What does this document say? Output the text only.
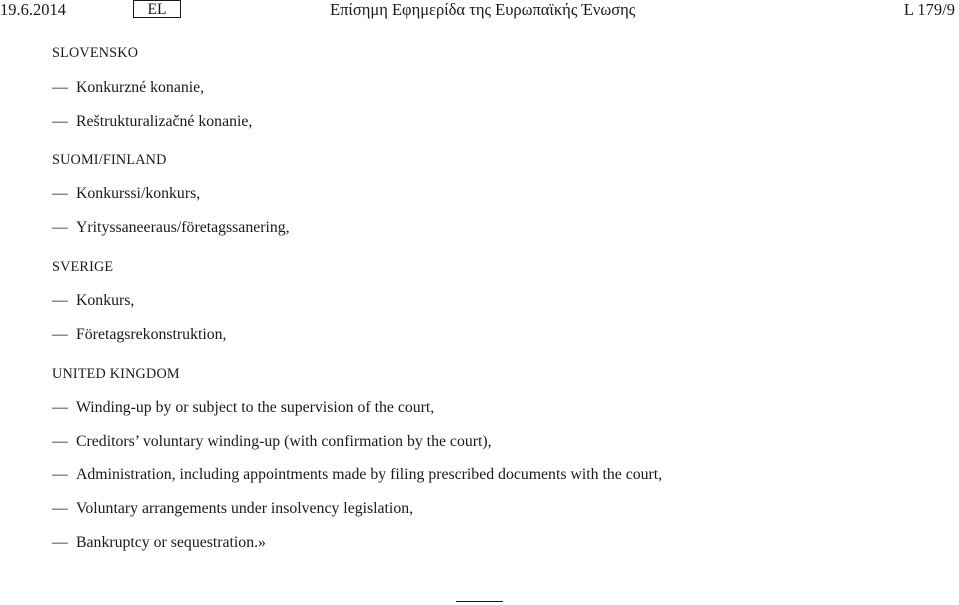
19.6.2014	EL	Επίσημη Εφημερίδα της Ευρωπαϊκής Ένωσης	L 179/9
SLOVENSKO
— Konkurzné konanie,
— Reštrukturalizačné konanie,
SUOMI/FINLAND
— Konkurssi/konkurs,
— Yrityssaneeraus/företagssanering,
SVERIGE
— Konkurs,
— Företagsrekonstruktion,
UNITED KINGDOM
— Winding-up by or subject to the supervision of the court,
— Creditors’ voluntary winding-up (with confirmation by the court),
— Administration, including appointments made by filing prescribed documents with the court,
— Voluntary arrangements under insolvency legislation,
— Bankruptcy or sequestration.»
